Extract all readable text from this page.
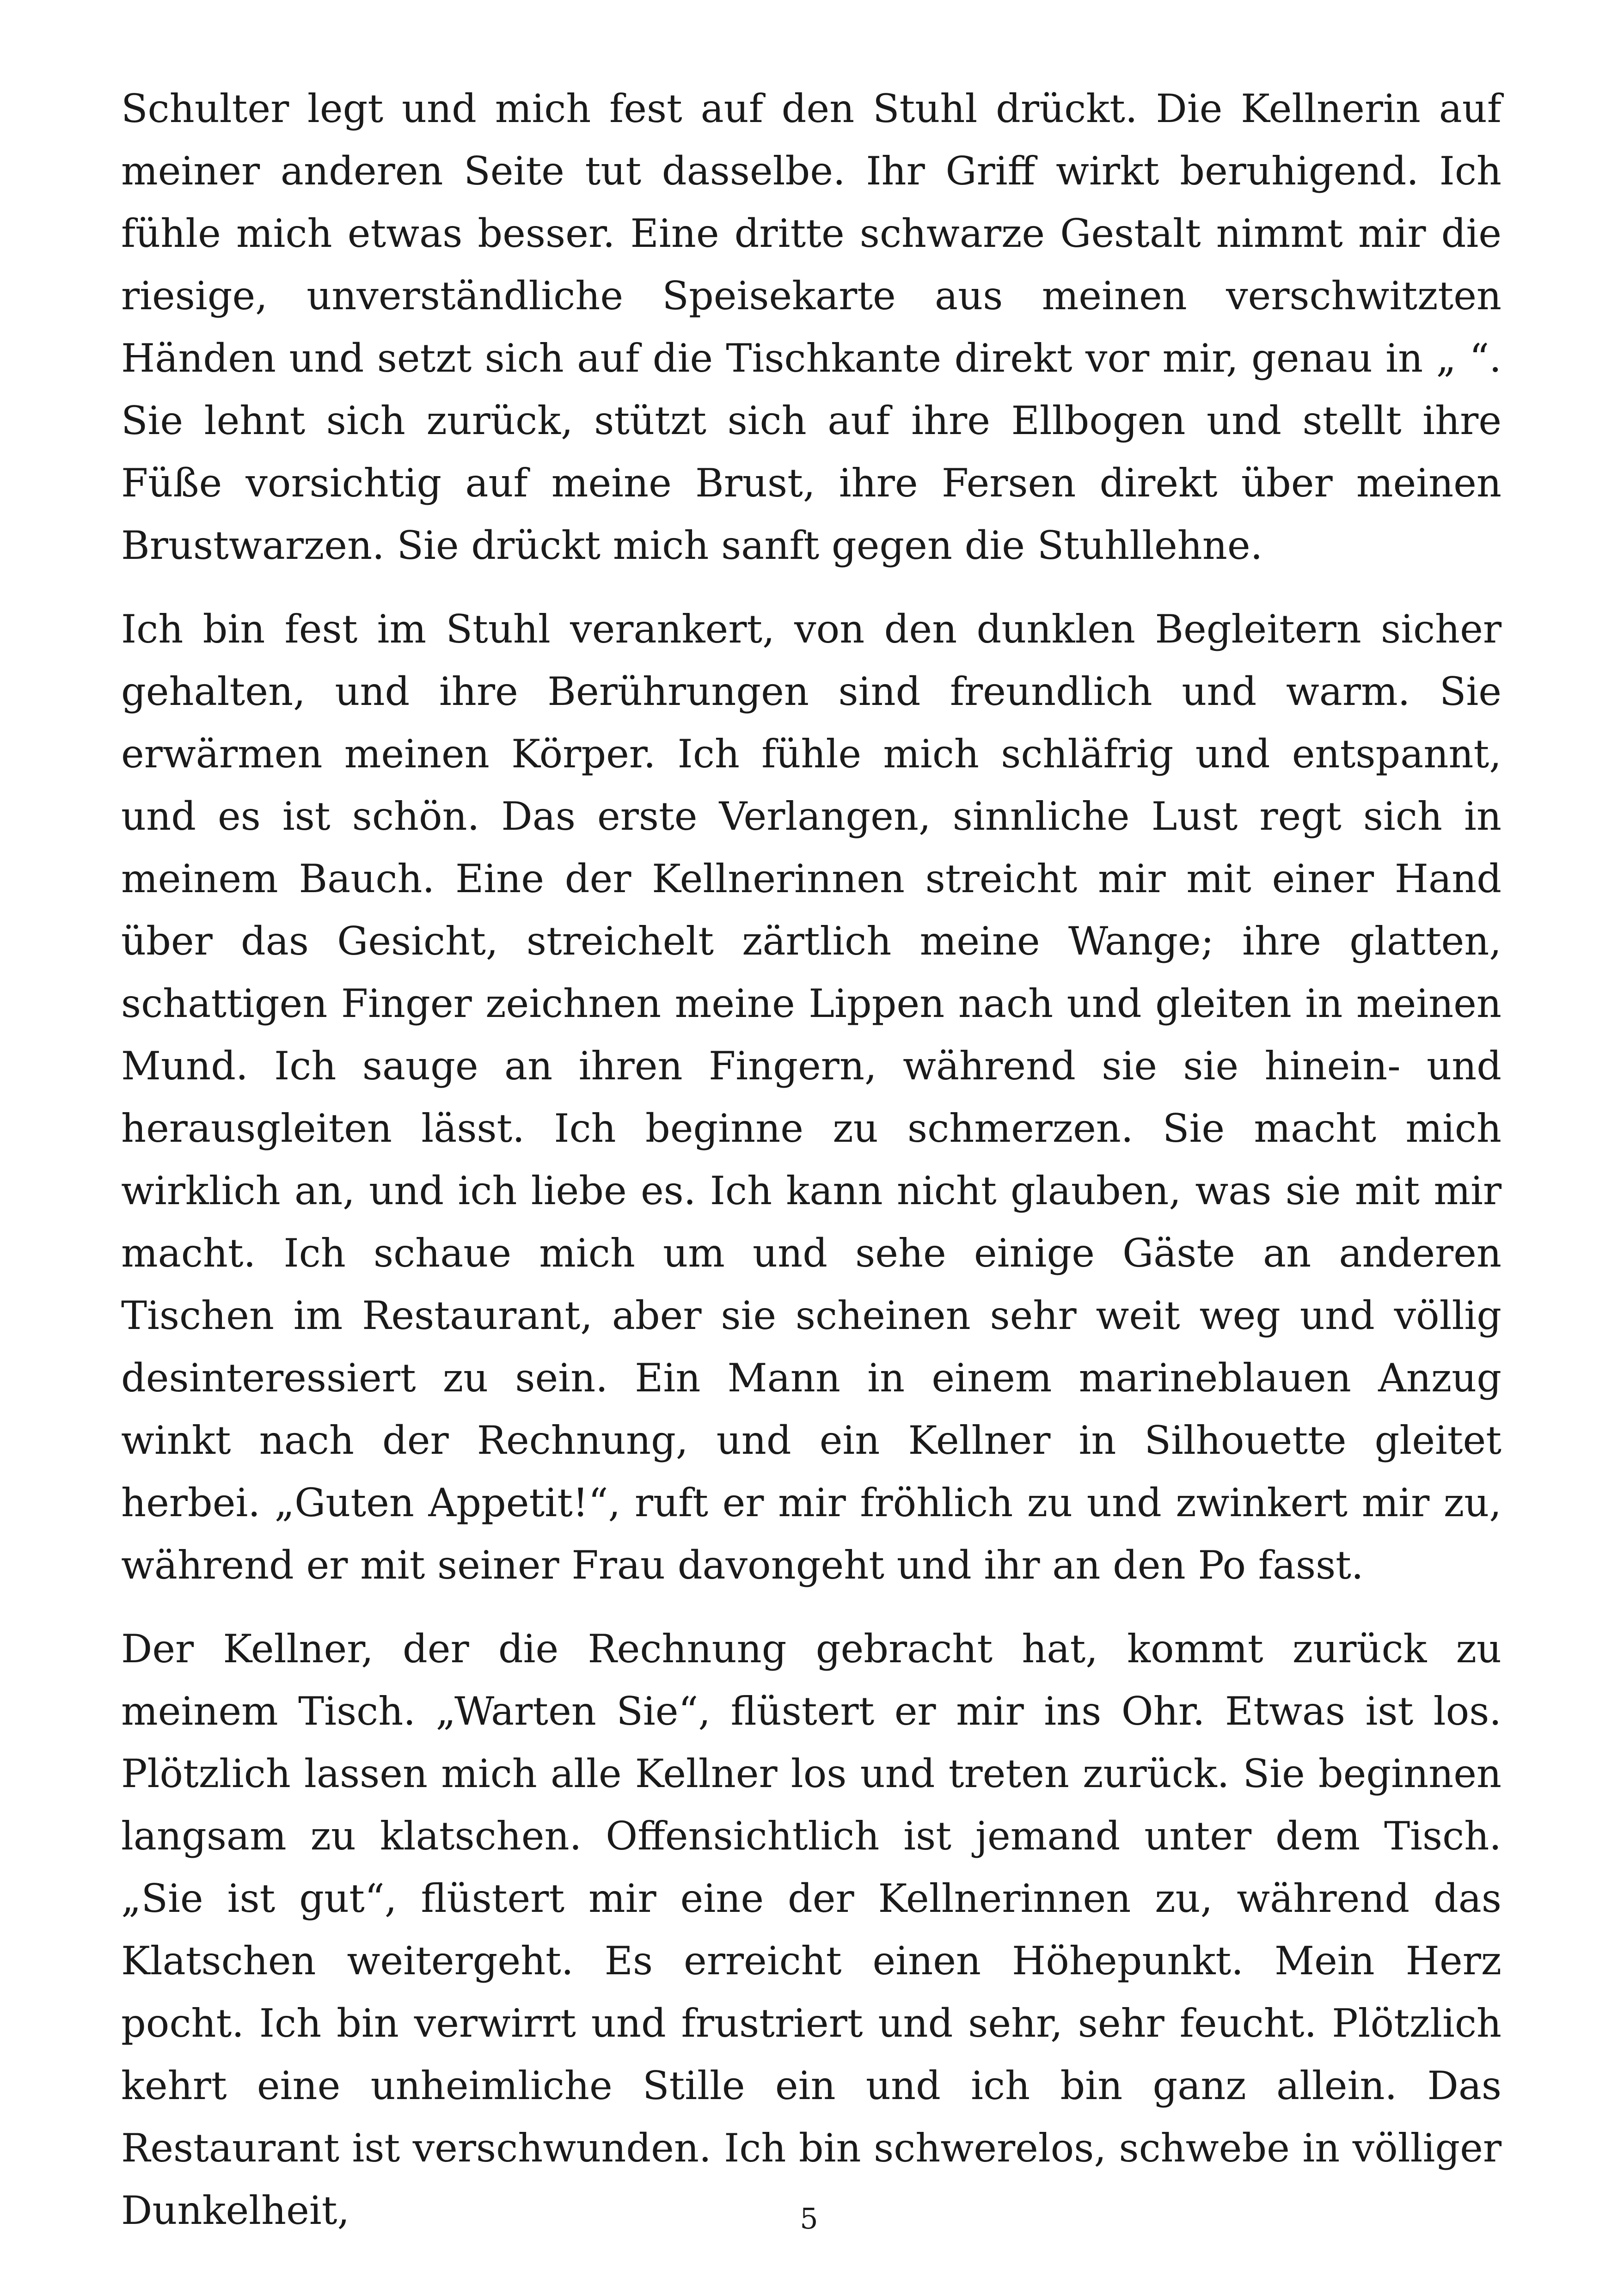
Schulter legt und mich fest auf den Stuhl drückt. Die Kellnerin auf meiner anderen Seite tut dasselbe. Ihr Griff wirkt beruhigend. Ich fühle mich etwas besser. Eine dritte schwarze Gestalt nimmt mir die riesige, unverständliche Speisekarte aus meinen verschwitzten Händen und setzt sich auf die Tischkante direkt vor mir, genau in „ “. Sie lehnt sich zurück, stützt sich auf ihre Ellbogen und stellt ihre Füße vorsichtig auf meine Brust, ihre Fersen direkt über meinen Brustwarzen. Sie drückt mich sanft gegen die Stuhllehne.

Ich bin fest im Stuhl verankert, von den dunklen Begleitern sicher gehalten, und ihre Berührungen sind freundlich und warm. Sie erwärmen meinen Körper. Ich fühle mich schläfrig und entspannt, und es ist schön. Das erste Verlangen, sinnliche Lust regt sich in meinem Bauch. Eine der Kellnerinnen streicht mir mit einer Hand über das Gesicht, streichelt zärtlich meine Wange; ihre glatten, schattigen Finger zeichnen meine Lippen nach und gleiten in meinen Mund. Ich sauge an ihren Fingern, während sie sie hinein- und herausgleiten lässt. Ich beginne zu schmerzen. Sie macht mich wirklich an, und ich liebe es. Ich kann nicht glauben, was sie mit mir macht. Ich schaue mich um und sehe einige Gäste an anderen Tischen im Restaurant, aber sie scheinen sehr weit weg und völlig desinteressiert zu sein. Ein Mann in einem marineblauen Anzug winkt nach der Rechnung, und ein Kellner in Silhouette gleitet herbei. „Guten Appetit!“, ruft er mir fröhlich zu und zwinkert mir zu, während er mit seiner Frau davongeht und ihr an den Po fasst.

Der Kellner, der die Rechnung gebracht hat, kommt zurück zu meinem Tisch. „Warten Sie“, flüstert er mir ins Ohr. Etwas ist los. Plötzlich lassen mich alle Kellner los und treten zurück. Sie beginnen langsam zu klatschen. Offensichtlich ist jemand unter dem Tisch. „Sie ist gut“, flüstert mir eine der Kellnerinnen zu, während das Klatschen weitergeht. Es erreicht einen Höhepunkt. Mein Herz pocht. Ich bin verwirrt und frustriert und sehr, sehr feucht. Plötzlich kehrt eine unheimliche Stille ein und ich bin ganz allein. Das Restaurant ist verschwunden. Ich bin schwerelos, schwebe in völliger Dunkelheit,	5
